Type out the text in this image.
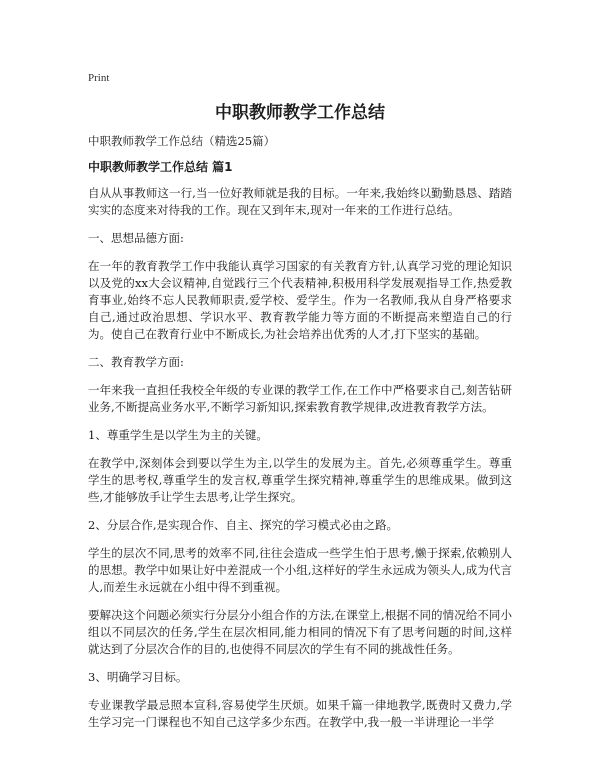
Print
中职教师教学工作总结

中职教师教学工作总结（精选25篇）

中职教师教学工作总结 篇1

自从从事教师这一行,当一位好教师就是我的目标。一年来,我始终以勤勤恳恳、踏踏实实的态度来对待我的工作。现在又到年末,现对一年来的工作进行总结。

一、思想品德方面:

在一年的教育教学工作中我能认真学习国家的有关教育方针,认真学习党的理论知识以及党的xx大会议精神,自觉践行三个代表精神,积极用科学发展观指导工作,热爱教育事业,始终不忘人民教师职责,爱学校、爱学生。作为一名教师,我从自身严格要求自己,通过政治思想、学识水平、教育教学能力等方面的不断提高来塑造自己的行为。使自己在教育行业中不断成长,为社会培养出优秀的人才,打下坚实的基础。

二、教育教学方面:

一年来我一直担任我校全年级的专业课的教学工作,在工作中严格要求自己,刻苦钻研业务,不断提高业务水平,不断学习新知识,探索教育教学规律,改进教育教学方法。

1、尊重学生是以学生为主的关键。

在教学中,深刻体会到要以学生为主,以学生的发展为主。首先,必须尊重学生。尊重学生的思考权,尊重学生的发言权,尊重学生探究精神,尊重学生的思维成果。做到这些,才能够放手让学生去思考,让学生探究。

2、分层合作,是实现合作、自主、探究的学习模式必由之路。

学生的层次不同,思考的效率不同,往往会造成一些学生怕于思考,懒于探索,依赖别人的思想。教学中如果让好中差混成一个小组,这样好的学生永远成为领头人,成为代言人,而差生永远就在小组中得不到重视。

要解决这个问题必须实行分层分小组合作的方法,在课堂上,根据不同的情况给不同小组以不同层次的任务,学生在层次相同,能力相同的情况下有了思考问题的时间,这样就达到了分层次合作的目的,也使得不同层次的学生有不同的挑战性任务。

3、明确学习目标。

专业课教学最忌照本宣科,容易使学生厌烦。如果千篇一律地教学,既费时又费力,学生学习完一门课程也不知自己这学多少东西。在教学中,我一般一半讲理论一半学
